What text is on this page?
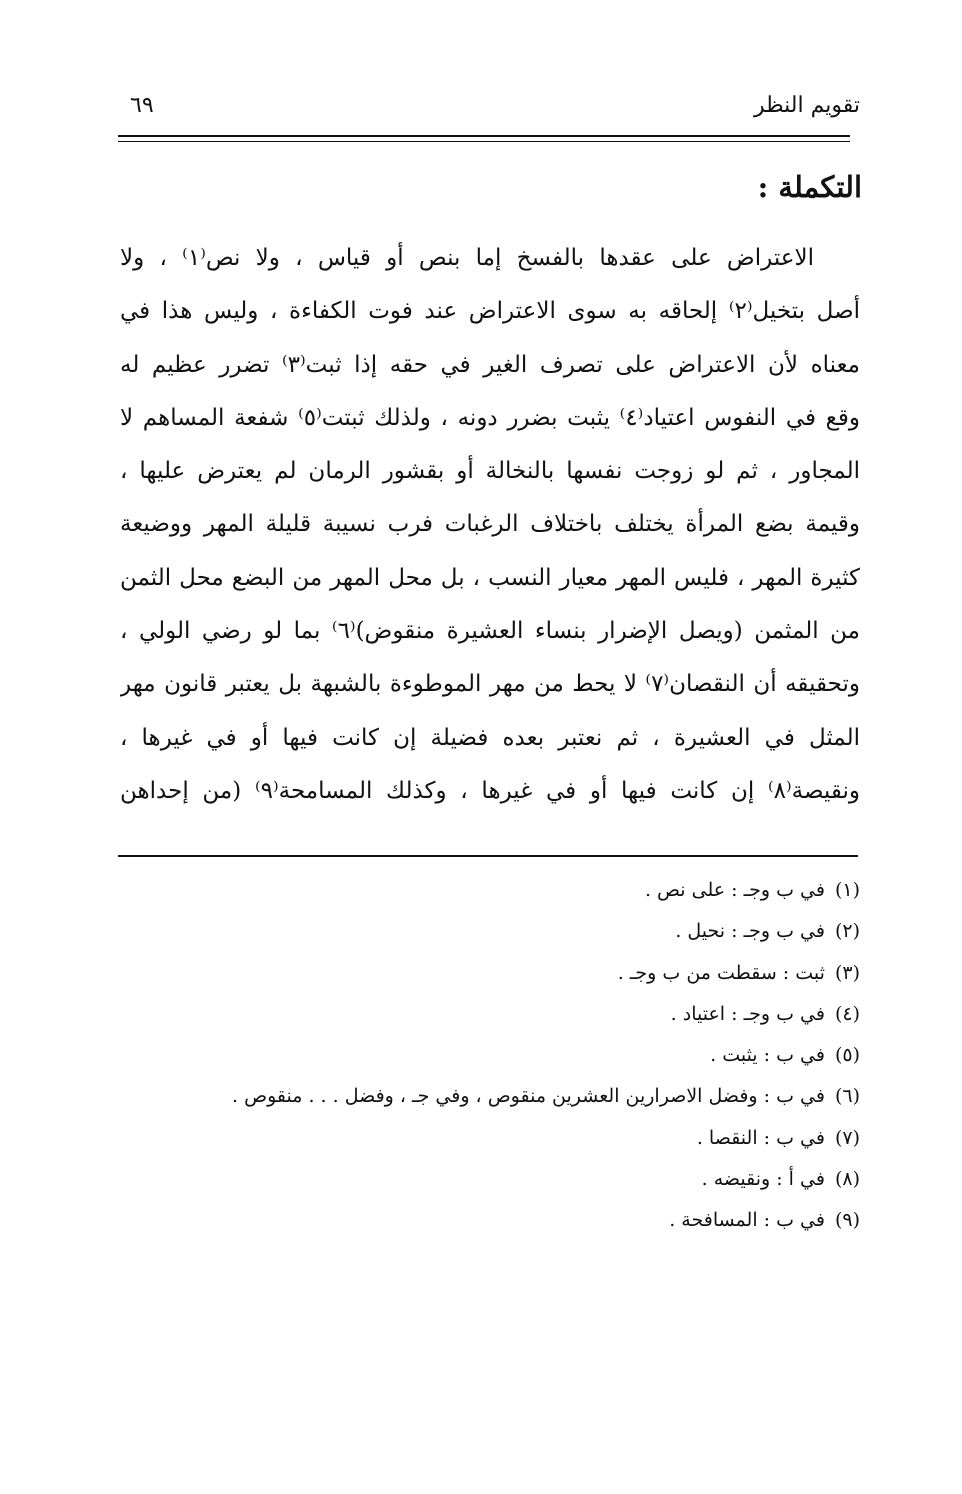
تقويم النظر
٦٩
التكملة :
الاعتراض على عقدها بالفسخ إما بنص أو قياس ، ولا نص⁽١⁾ ، ولا
أصل بتخيل⁽٢⁾ إلحاقه به سوى الاعتراض عند فوت الكفاءة ، وليس هذا في
معناه لأن الاعتراض على تصرف الغير في حقه إذا ثبت⁽٣⁾ تضرر عظيم له
وقع في النفوس اعتياد⁽٤⁾ يثبت بضرر دونه ، ولذلك ثبتت⁽٥⁾ شفعة المساهم لا
المجاور ، ثم لو زوجت نفسها بالنخالة أو بقشور الرمان لم يعترض عليها ،
وقيمة بضع المرأة يختلف باختلاف الرغبات فرب نسيبة قليلة المهر ووضيعة
كثيرة المهر ، فليس المهر معيار النسب ، بل محل المهر من البضع محل الثمن
من المثمن (ويصل الإضرار بنساء العشيرة منقوض)⁽٦⁾ بما لو رضي الولي ،
وتحقيقه أن النقصان⁽٧⁾ لا يحط من مهر الموطوءة بالشبهة بل يعتبر قانون مهر
المثل في العشيرة ، ثم نعتبر بعده فضيلة إن كانت فيها أو في غيرها ،
ونقيصة⁽٨⁾ إن كانت فيها أو في غيرها ، وكذلك المسامحة⁽٩⁾ (من إحداهن
(١)في ب وجـ : على نص .
(٢)في ب وجـ : نحيل .
(٣)ثبت : سقطت من ب وجـ .
(٤)في ب وجـ : اعتياد .
(٥)في ب : يثبت .
(٦)في ب : وفضل الاصرارين العشرين منقوص ، وفي جـ ، وفضل . . . منقوص .
(٧)في ب : النقصا .
(٨)في أ : ونقيضه .
(٩)في ب : المسافحة .
